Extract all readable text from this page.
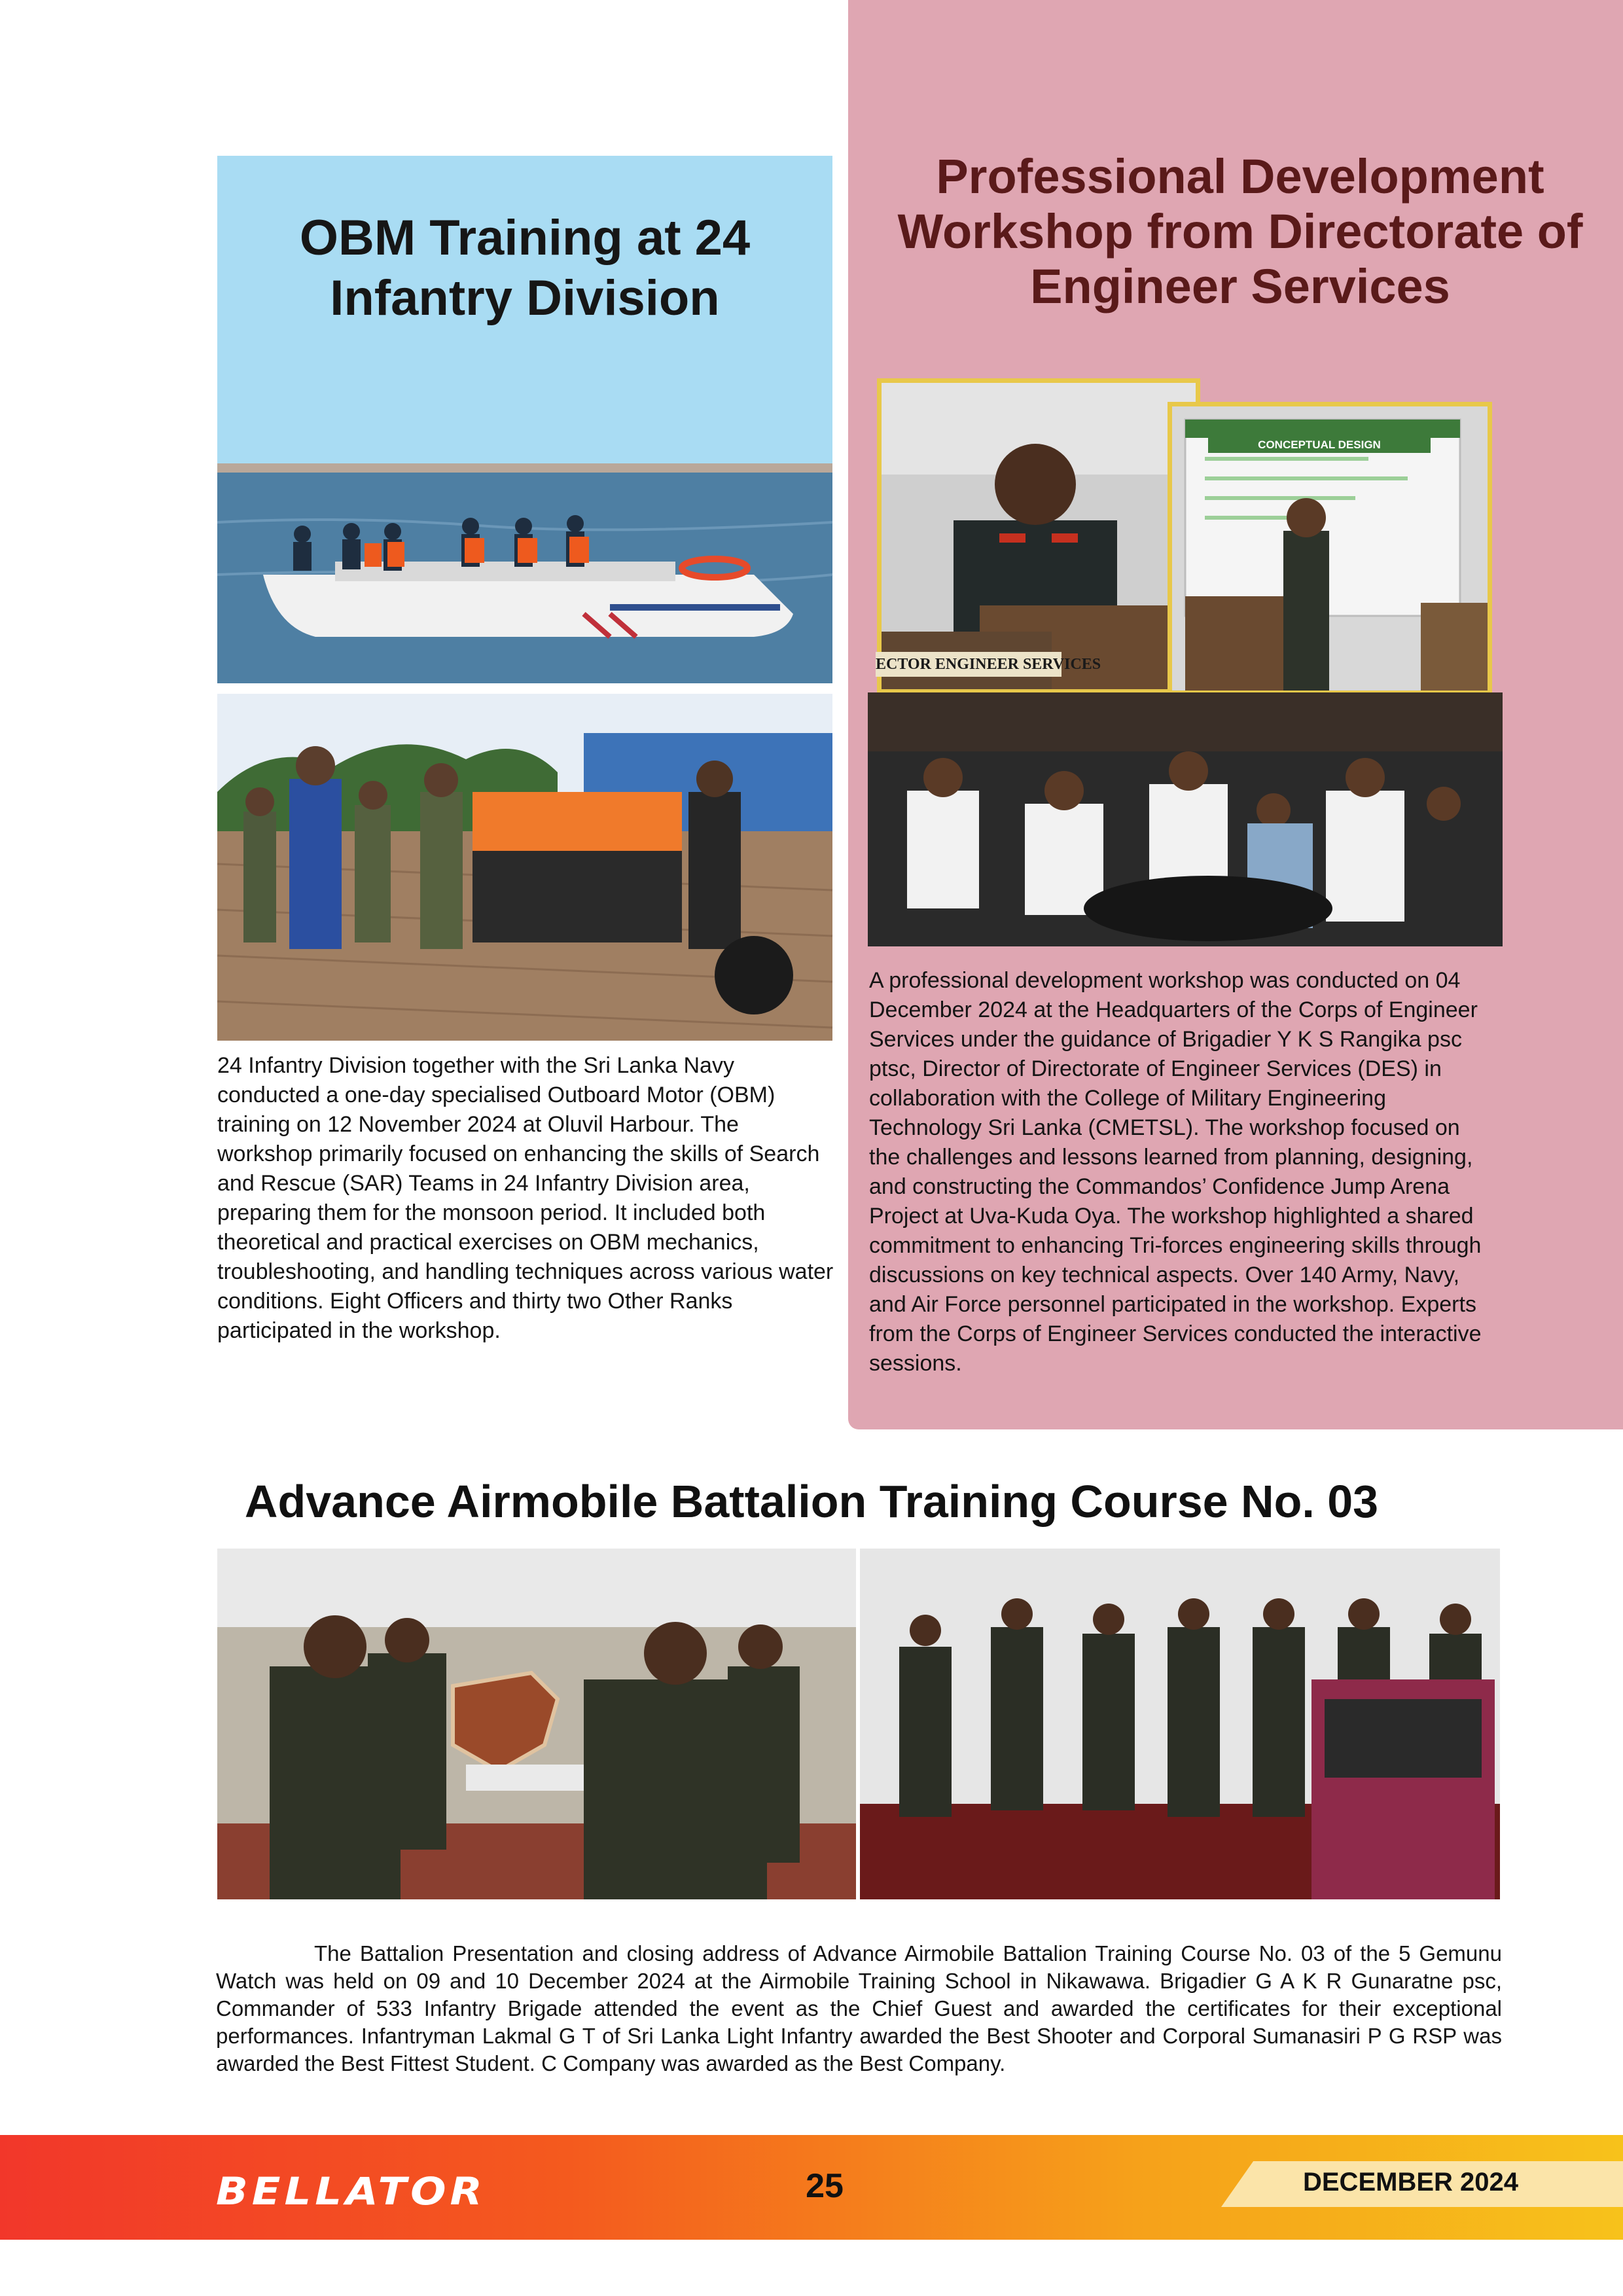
OBM Training at 24 Infantry Division
24 Infantry Division together with the Sri Lanka Navy conducted a one-day specialised Outboard Motor (OBM) training on 12 November 2024 at Oluvil Harbour. The workshop primarily focused on enhancing the skills of Search and Rescue (SAR) Teams in 24 Infantry Division area, preparing them for the monsoon period. It included both theoretical and practical exercises on OBM mechanics, troubleshooting, and handling techniques across various water conditions. Eight Officers and thirty two Other Ranks participated in the workshop.
Professional Development Workshop from Directorate of Engineer Services
ECTOR ENGINEER SERVICES
CONCEPTUAL DESIGN
A professional development workshop was conducted on 04 December 2024 at the Headquarters of the Corps of Engineer Services under the guidance of Brigadier Y K S Rangika psc ptsc, Director of Directorate of Engineer Services (DES) in collaboration with the College of Military Engineering Technology Sri Lanka (CMETSL). The workshop focused on the challenges and lessons learned from planning, designing, and constructing the Commandos’ Confidence Jump Arena Project at Uva-Kuda Oya. The workshop highlighted a shared commitment to enhancing Tri-forces engineering skills through discussions on key technical aspects. Over 140 Army, Navy, and Air Force personnel participated in the workshop. Experts from the Corps of Engineer Services conducted the interactive sessions.
Advance Airmobile Battalion Training Course No. 03
The Battalion Presentation and closing address of Advance Airmobile Battalion Training Course No. 03 of the 5 Gemunu Watch was held on 09 and 10 December 2024 at the Airmobile Training School in Nikawawa. Brigadier G A K R Gunaratne psc, Commander of 533 Infantry Brigade attended the event as the Chief Guest and awarded the certificates for their exceptional performances. Infantryman Lakmal G T of Sri Lanka Light Infantry awarded the Best Shooter and Corporal Sumanasiri P G RSP was awarded the Best Fittest Student. C Company was awarded as the Best Company.
BELLATOR	25	DECEMBER 2024
